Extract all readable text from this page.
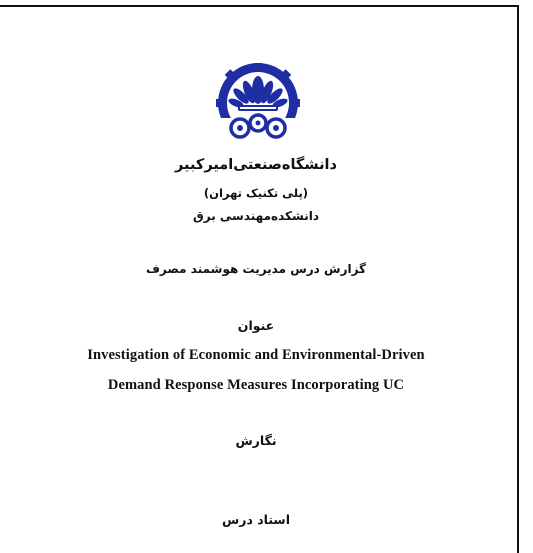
دانشگاه‌صنعتی‌امیرکبیر
(پلی تکنیک تهران)
دانشکده‌مهندسی برق
گزارش درس مدیریت هوشمند مصرف
عنوان
Investigation of Economic and Environmental-Driven
Demand Response Measures Incorporating UC
نگارش
استاد درس
